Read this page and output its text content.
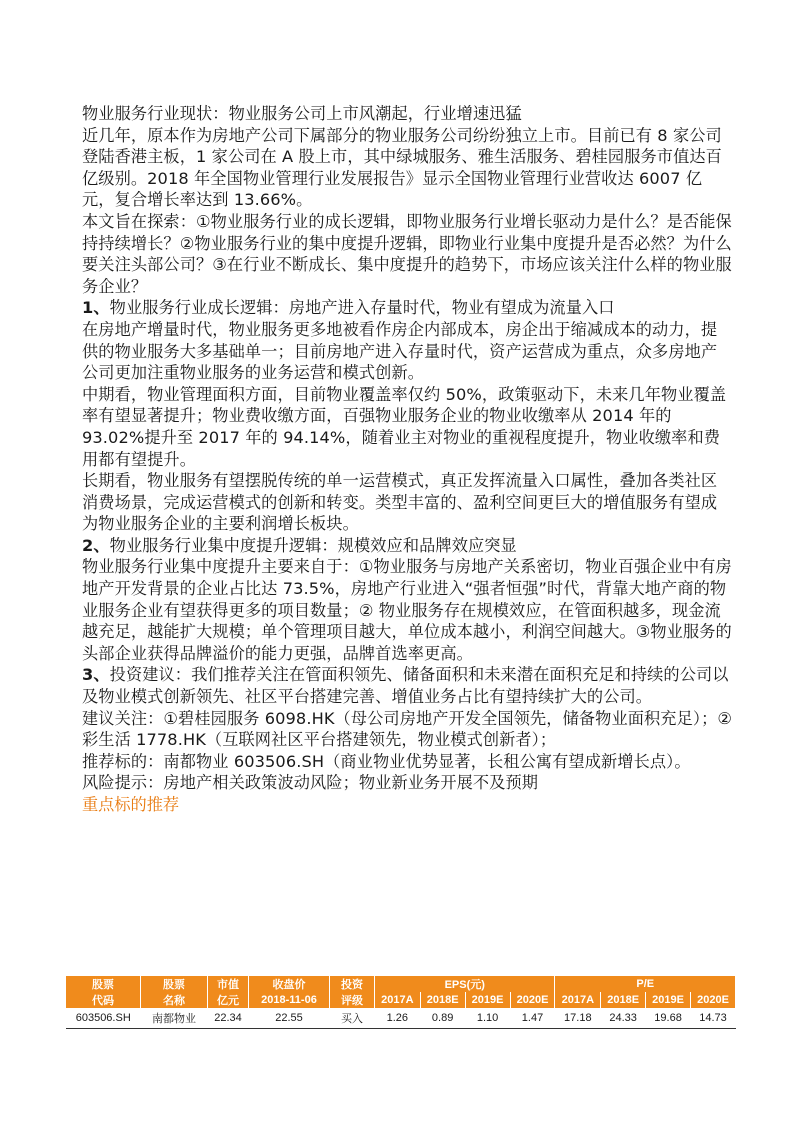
物业服务行业现状：物业服务公司上市风潮起，行业增速迅猛

近几年，原本作为房地产公司下属部分的物业服务公司纷纷独立上市。目前已有 8 家公司登陆香港主板，1 家公司在 A 股上市，其中绿城服务、雅生活服务、碧桂园服务市值达百亿级别。2018 年全国物业管理行业发展报告》显示全国物业管理行业营收达 6007 亿元，复合增长率达到 13.66%。

本文旨在探索：①物业服务行业的成长逻辑，即物业服务行业增长驱动力是什么？是否能保持持续增长？②物业服务行业的集中度提升逻辑，即物业行业集中度提升是否必然？为什么要关注头部公司？③在行业不断成长、集中度提升的趋势下，市场应该关注什么样的物业服务企业？

1、物业服务行业成长逻辑：房地产进入存量时代，物业有望成为流量入口

在房地产增量时代，物业服务更多地被看作房企内部成本，房企出于缩减成本的动力，提供的物业服务大多基础单一；目前房地产进入存量时代，资产运营成为重点，众多房地产公司更加注重物业服务的业务运营和模式创新。

中期看，物业管理面积方面，目前物业覆盖率仅约 50%，政策驱动下，未来几年物业覆盖率有望显著提升；物业费收缴方面，百强物业服务企业的物业收缴率从 2014 年的 93.02%提升至 2017 年的 94.14%，随着业主对物业的重视程度提升，物业收缴率和费用都有望提升。

长期看，物业服务有望摆脱传统的单一运营模式，真正发挥流量入口属性，叠加各类社区消费场景，完成运营模式的创新和转变。类型丰富的、盈利空间更巨大的增值服务有望成为物业服务企业的主要利润增长板块。

2、物业服务行业集中度提升逻辑：规模效应和品牌效应突显

物业服务行业集中度提升主要来自于：①物业服务与房地产关系密切，物业百强企业中有房地产开发背景的企业占比达 73.5%，房地产行业进入“强者恒强”时代，背靠大地产商的物业服务企业有望获得更多的项目数量；② 物业服务存在规模效应，在管面积越多，现金流越充足，越能扩大规模；单个管理项目越大，单位成本越小，利润空间越大。③物业服务的头部企业获得品牌溢价的能力更强，品牌首选率更高。

3、投资建议：我们推荐关注在管面积领先、储备面积和未来潜在面积充足和持续的公司以及物业模式创新领先、社区平台搭建完善、增值业务占比有望持续扩大的公司。

建议关注：①碧桂园服务 6098.HK（母公司房地产开发全国领先，储备物业面积充足）；②彩生活 1778.HK（互联网社区平台搭建领先，物业模式创新者）；

推荐标的：南都物业 603506.SH（商业物业优势显著，长租公寓有望成新增长点）。

风险提示：房地产相关政策波动风险；物业新业务开展不及预期

重点标的推荐

股票	股票	市值	收盘价	投资	EPS(元)				P/E			
代码	名称	亿元	2018-11-06	评级	2017A	2018E	2019E	2020E	2017A	2018E	2019E	2020E
603506.SH	南都物业	22.34	22.55	买入	1.26	0.89	1.10	1.47	17.18	24.33	19.68	14.73
